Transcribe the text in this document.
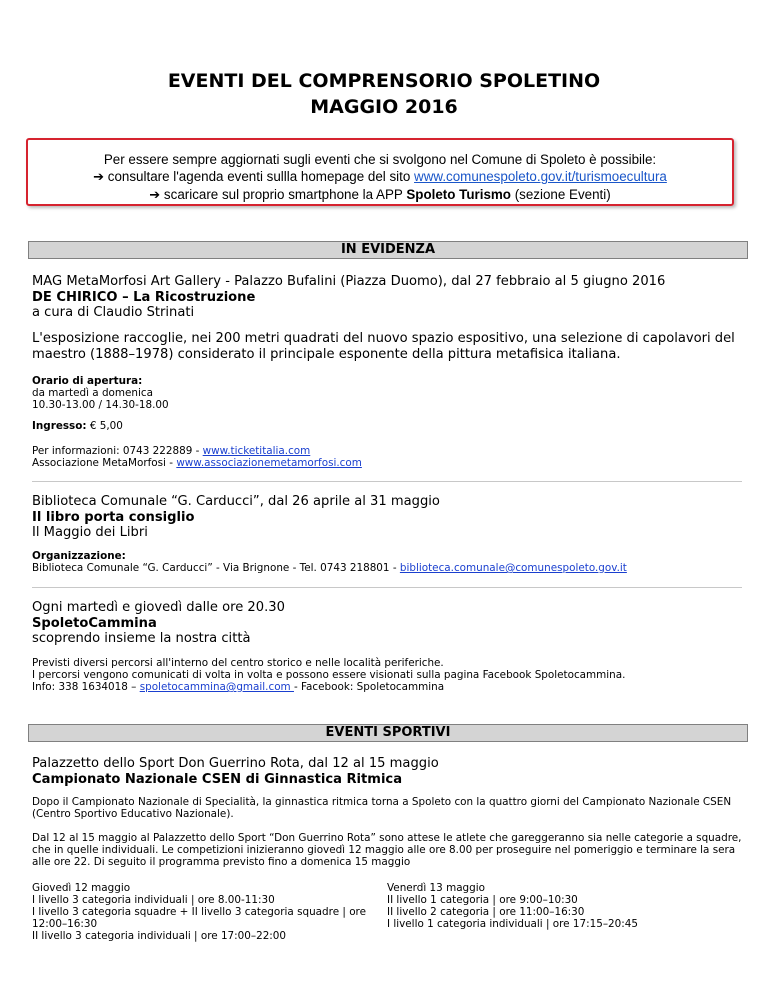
EVENTI DEL COMPRENSORIO SPOLETINO
MAGGIO 2016
Per essere sempre aggiornati sugli eventi che si svolgono nel Comune di Spoleto è possibile:
➔ consultare l'agenda eventi sullla homepage del sito www.comunespoleto.gov.it/turismoecultura
➔ scaricare sul proprio smartphone la APP Spoleto Turismo (sezione Eventi)
IN EVIDENZA
MAG MetaMorfosi Art Gallery - Palazzo Bufalini (Piazza Duomo), dal 27 febbraio al 5 giugno 2016
DE CHIRICO – La Ricostruzione
a cura di Claudio Strinati
L'esposizione raccoglie, nei 200 metri quadrati del nuovo spazio espositivo, una selezione di capolavori del maestro (1888–1978) considerato il principale esponente della pittura metafisica italiana.
Orario di apertura:
da martedì a domenica
10.30-13.00 / 14.30-18.00
Ingresso: € 5,00
Per informazioni: 0743 222889 - www.ticketitalia.com
Associazione MetaMorfosi - www.associazionemetamorfosi.com
Biblioteca Comunale “G. Carducci”, dal 26 aprile al 31 maggio
Il libro porta consiglio
Il Maggio dei Libri
Organizzazione:
Biblioteca Comunale “G. Carducci” - Via Brignone - Tel. 0743 218801 - biblioteca.comunale@comunespoleto.gov.it
Ogni martedì e giovedì dalle ore 20.30
SpoletoCammina
scoprendo insieme la nostra città
Previsti diversi percorsi all'interno del centro storico e nelle località periferiche.
I percorsi vengono comunicati di volta in volta e possono essere visionati sulla pagina Facebook Spoletocammina.
Info: 338 1634018 – spoletocammina@gmail.com - Facebook: Spoletocammina
EVENTI SPORTIVI
Palazzetto dello Sport Don Guerrino Rota, dal 12 al 15 maggio
Campionato Nazionale CSEN di Ginnastica Ritmica
Dopo il Campionato Nazionale di Specialità, la ginnastica ritmica torna a Spoleto con la quattro giorni del Campionato Nazionale CSEN (Centro Sportivo Educativo Nazionale).
Dal 12 al 15 maggio al Palazzetto dello Sport “Don Guerrino Rota” sono attese le atlete che gareggeranno sia nelle categorie a squadre, che in quelle individuali. Le competizioni inizieranno giovedì 12 maggio alle ore 8.00 per proseguire nel pomeriggio e terminare la sera alle ore 22. Di seguito il programma previsto fino a domenica 15 maggio
Giovedì 12 maggio
I livello 3 categoria individuali | ore 8.00-11:30
I livello 3 categoria squadre + II livello 3 categoria squadre | ore
12:00–16:30
II livello 3 categoria individuali | ore 17:00–22:00
Venerdì 13 maggio
II livello 1 categoria | ore 9:00–10:30
II livello 2 categoria | ore 11:00–16:30
I livello 1 categoria individuali | ore 17:15–20:45
